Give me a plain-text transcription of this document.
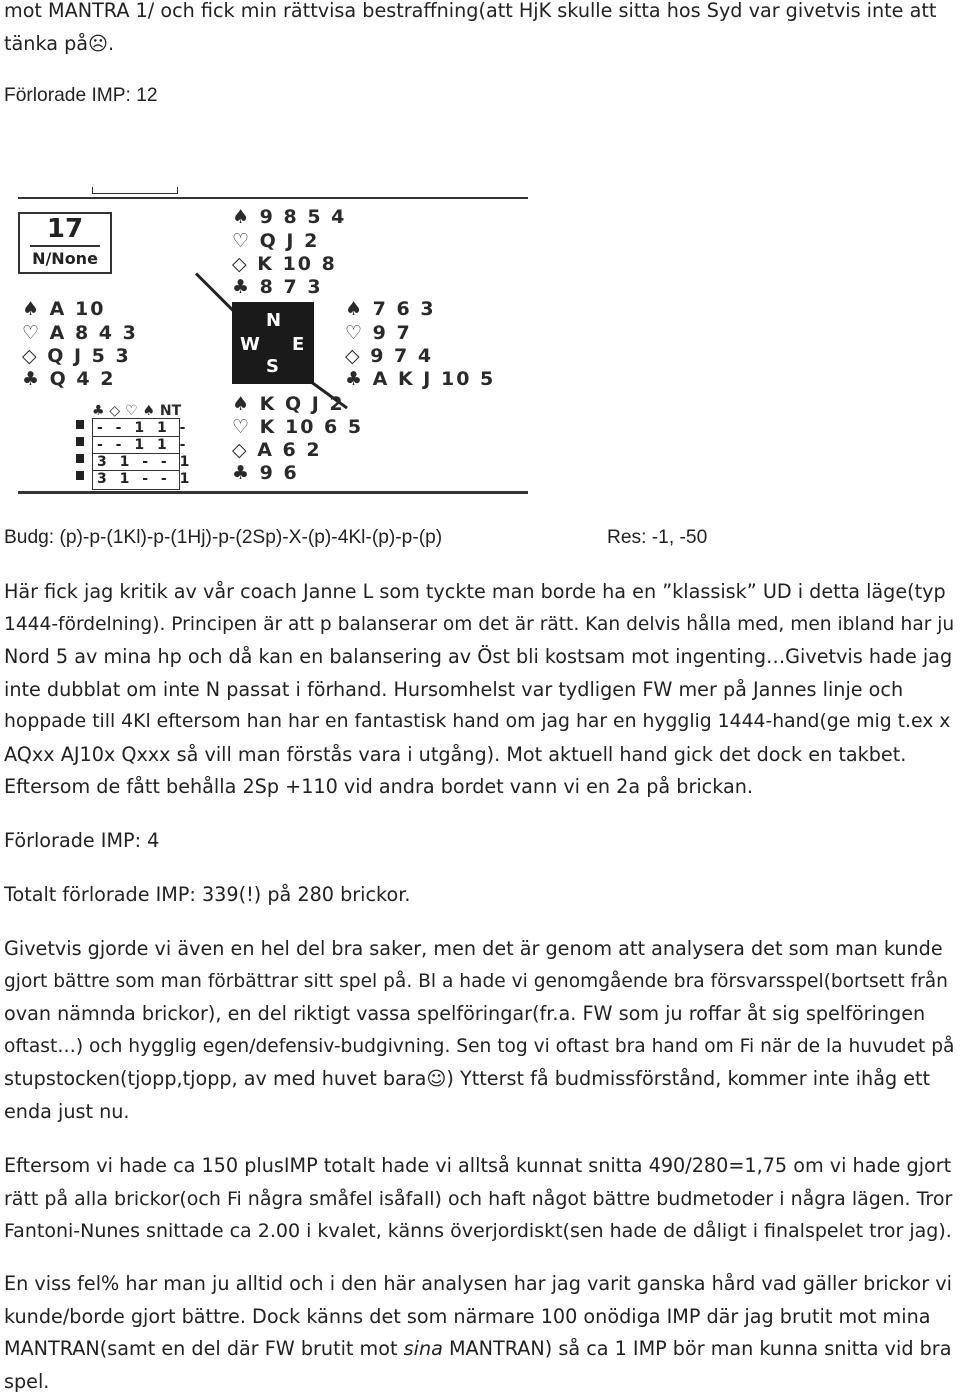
mot MANTRA 1/ och fick min rättvisa bestraffning(att HjK skulle sitta hos Syd var givetvis inte att
tänka på☹.
Förlorade IMP: 12
17
N/None
♠ 9 8 5 4
♡ Q J 2
◇ K 10 8
♣ 8 7 3
♠ A 10
♡ A 8 4 3
◇ Q J 5 3
♣ Q 4 2
♠ 7 6 3
♡ 9 7
◇ 9 7 4
♣ A K J 10 5
N
W E
S
♠ K Q J 2
♡ K 10 6 5
◇ A 6 2
♣ 9 6
♣ ◇ ♡ ♠ NT
- - 1 1 -
- - 1 1 -
3 1 - - 1
3 1 - - 1
Budg: (p)-p-(1Kl)-p-(1Hj)-p-(2Sp)-X-(p)-4Kl-(p)-p-(p)	Res: -1, -50
Här fick jag kritik av vår coach Janne L som tyckte man borde ha en ”klassisk” UD i detta läge(typ
1444-fördelning). Principen är att p balanserar om det är rätt. Kan delvis hålla med, men ibland har ju
Nord 5 av mina hp och då kan en balansering av Öst bli kostsam mot ingenting…Givetvis hade jag
inte dubblat om inte N passat i förhand. Hursomhelst var tydligen FW mer på Jannes linje och
hoppade till 4Kl eftersom han har en fantastisk hand om jag har en hygglig 1444-hand(ge mig t.ex x
AQxx AJ10x Qxxx så vill man förstås vara i utgång). Mot aktuell hand gick det dock en takbet.
Eftersom de fått behålla 2Sp +110 vid andra bordet vann vi en 2a på brickan.
Förlorade IMP: 4
Totalt förlorade IMP: 339(!) på 280 brickor.
Givetvis gjorde vi även en hel del bra saker, men det är genom att analysera det som man kunde
gjort bättre som man förbättrar sitt spel på. Bl a hade vi genomgående bra försvarsspel(bortsett från
ovan nämnda brickor), en del riktigt vassa spelföringar(fr.a. FW som ju roffar åt sig spelföringen
oftast…) och hygglig egen/defensiv-budgivning. Sen tog vi oftast bra hand om Fi när de la huvudet på
stupstocken(tjopp,tjopp, av med huvet bara☺) Ytterst få budmissförstånd, kommer inte ihåg ett
enda just nu.
Eftersom vi hade ca 150 plusIMP totalt hade vi alltså kunnat snitta 490/280=1,75 om vi hade gjort
rätt på alla brickor(och Fi några småfel isåfall) och haft något bättre budmetoder i några lägen. Tror
Fantoni-Nunes snittade ca 2.00 i kvalet, känns överjordiskt(sen hade de dåligt i finalspelet tror jag).
En viss fel% har man ju alltid och i den här analysen har jag varit ganska hård vad gäller brickor vi
kunde/borde gjort bättre. Dock känns det som närmare 100 onödiga IMP där jag brutit mot mina
MANTRAN(samt en del där FW brutit mot sina MANTRAN) så ca 1 IMP bör man kunna snitta vid bra
spel.
